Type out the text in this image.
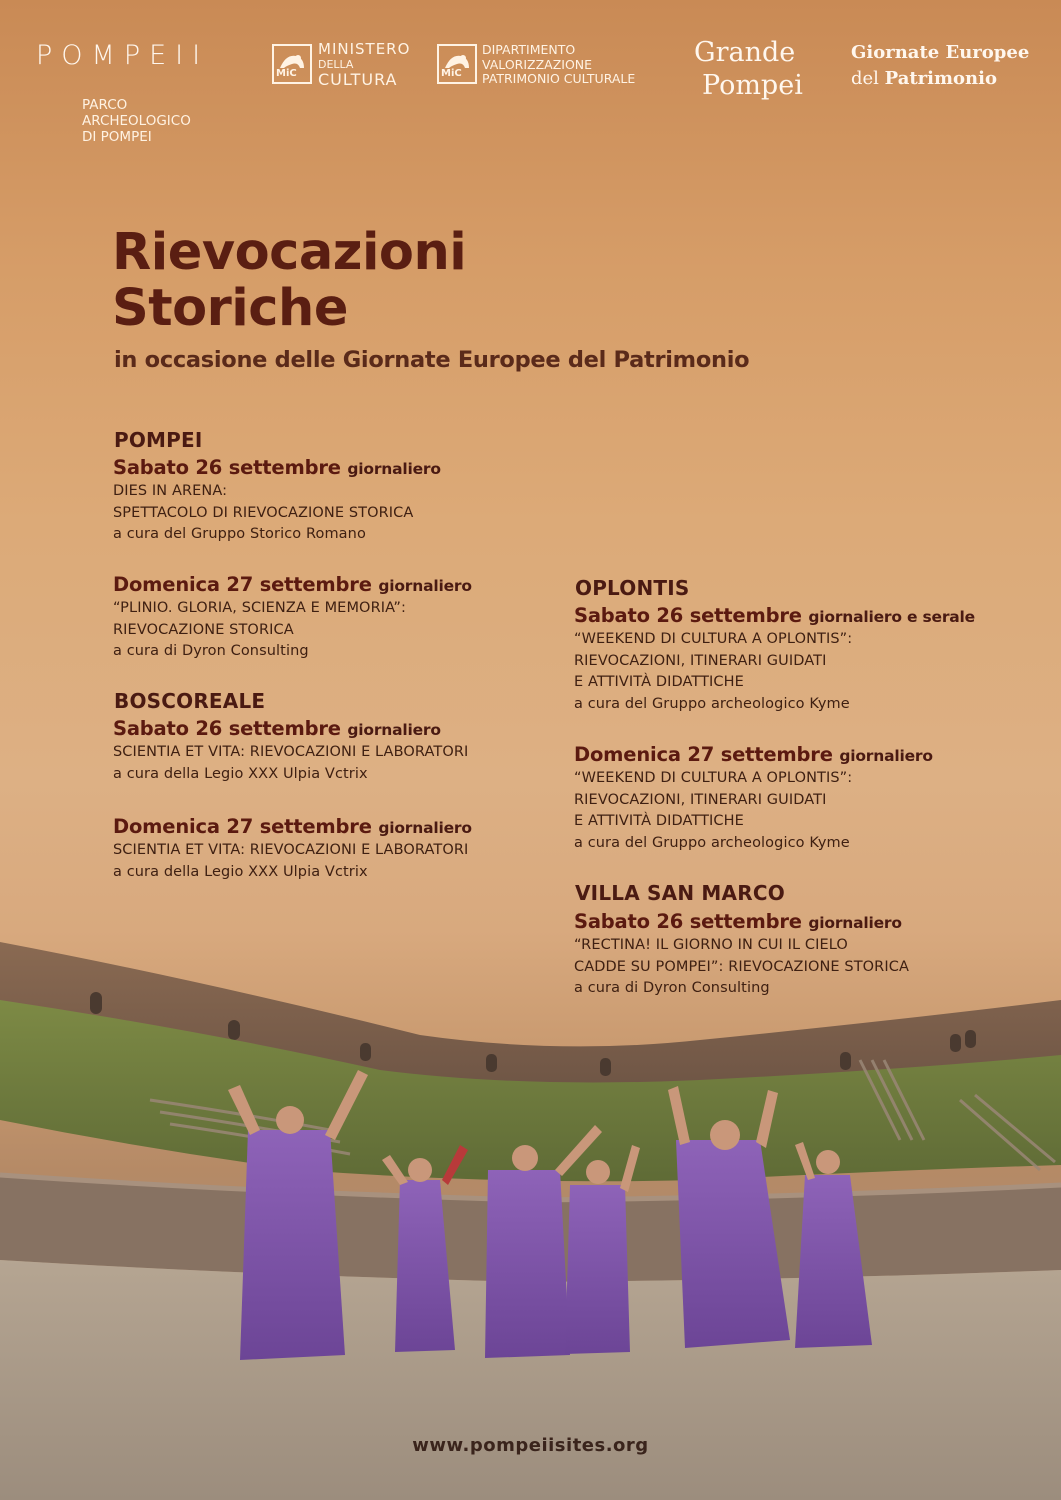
POMPEII
PARCO
ARCHEOLOGICO
DI POMPEI
MiC
MINISTERO
DELLA
CULTURA	MiC
DIPARTIMENTO
VALORIZZAZIONE
PATRIMONIO CULTURALE
Grande
Pompei
Giornate Europee
del Patrimonio
Rievocazioni
Storiche
in occasione delle Giornate Europee del Patrimonio
POMPEI
Sabato 26 settembre giornaliero
DIES IN ARENA:
SPETTACOLO DI RIEVOCAZIONE STORICA
a cura del Gruppo Storico Romano
Domenica 27 settembre giornaliero
“PLINIO. GLORIA, SCIENZA E MEMORIA”:
RIEVOCAZIONE STORICA
a cura di Dyron Consulting
BOSCOREALE
Sabato 26 settembre giornaliero
SCIENTIA ET VITA: RIEVOCAZIONI E LABORATORI
a cura della Legio XXX Ulpia Vctrix
Domenica 27 settembre giornaliero
SCIENTIA ET VITA: RIEVOCAZIONI E LABORATORI
a cura della Legio XXX Ulpia Vctrix
OPLONTIS
Sabato 26 settembre giornaliero e serale
“WEEKEND DI CULTURA A OPLONTIS”:
RIEVOCAZIONI, ITINERARI GUIDATI
E ATTIVITÀ DIDATTICHE
a cura del Gruppo archeologico Kyme
Domenica 27 settembre giornaliero
“WEEKEND DI CULTURA A OPLONTIS”:
RIEVOCAZIONI, ITINERARI GUIDATI
E ATTIVITÀ DIDATTICHE
a cura del Gruppo archeologico Kyme
VILLA SAN MARCO
Sabato 26 settembre giornaliero
“RECTINA! IL GIORNO IN CUI IL CIELO
CADDE SU POMPEI”: RIEVOCAZIONE STORICA
a cura di Dyron Consulting
www.pompeiisites.org
